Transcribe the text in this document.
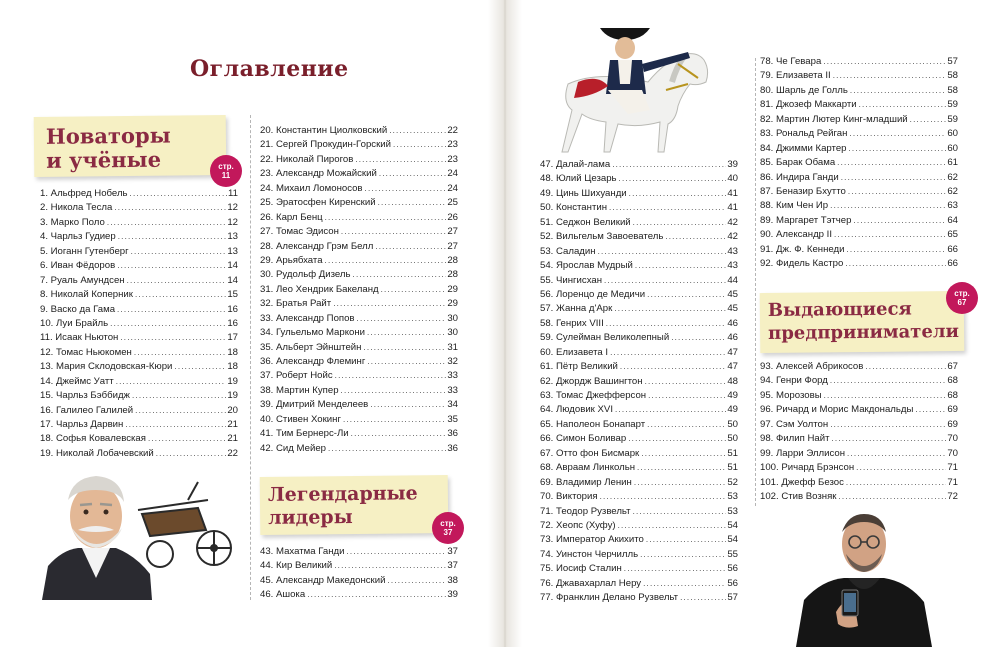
Оглавление
Новаторы
и учёные	стр.
11
Легендарные
лидеры	стр.
37
Выдающиеся
предприниматели
стр.
67
1. Альфред Нобель .....	11
2. Никола Тесла .....	12
3. Марко Поло .....	12
4. Чарльз Гудиер .....	13
5. Иоганн Гутенберг .....	13
6. Иван Фёдоров .....	14
7. Руаль Амундсен .....	14
8. Николай Коперник .....	15
9. Васко да Гама .....	16
10. Луи Брайль .....	16
11. Исаак Ньютон .....	17
12. Томас Ньюкомен .....	18
13. Мария Склодовская-Кюри .....	18
14. Джеймс Уатт .....	19
15. Чарльз Бэббидж .....	19
16. Галилео Галилей .....	20
17. Чарльз Дарвин .....	21
18. Софья Ковалевская .....	21
19. Николай Лобачевский .....	22
20. Константин Циолковский .....	22
21. Сергей Прокудин-Горский .....	23
22. Николай Пирогов .....	23
23. Александр Можайский .....	24
24. Михаил Ломоносов .....	24
25. Эратосфен Киренский .....	25
26. Карл Бенц .....	26
27. Томас Эдисон .....	27
28. Александр Грэм Белл .....	27
29. Арьябхата .....	28
30. Рудольф Дизель .....	28
31. Лео Хендрик Бакеланд .....	29
32. Братья Райт .....	29
33. Александр Попов .....	30
34. Гульельмо Маркони .....	30
35. Альберт Эйнштейн .....	31
36. Александр Флеминг .....	32
37. Роберт Нойс .....	33
38. Мартин Купер .....	33
39. Дмитрий Менделеев .....	34
40. Стивен Хокинг .....	35
41. Тим Бернерс-Ли .....	36
42. Сид Мейер .....	36
43. Махатма Ганди .....	37
44. Кир Великий .....	37
45. Александр Македонский .....	38
46. Ашока .....	39
47. Далай-лама .....	39
48. Юлий Цезарь .....	40
49. Цинь Шихуанди .....	41
50. Константин .....	41
51. Седжон Великий .....	42
52. Вильгельм Завоеватель .....	42
53. Саладин .....	43
54. Ярослав Мудрый .....	43
55. Чингисхан .....	44
56. Лоренцо де Медичи .....	45
57. Жанна д'Арк .....	45
58. Генрих VIII .....	46
59. Сулейман Великолепный .....	46
60. Елизавета I .....	47
61. Пётр Великий .....	47
62. Джордж Вашингтон .....	48
63. Томас Джефферсон .....	49
64. Людовик XVI .....	49
65. Наполеон Бонапарт .....	50
66. Симон Боливар .....	50
67. Отто фон Бисмарк .....	51
68. Авраам Линкольн .....	51
69. Владимир Ленин .....	52
70. Виктория .....	53
71. Теодор Рузвельт .....	53
72. Хеопс (Хуфу) .....	54
73. Император Акихито .....	54
74. Уинстон Черчилль .....	55
75. Иосиф Сталин .....	56
76. Джавахарлал Неру .....	56
77. Франклин Делано Рузвельт .....	57
78. Че Гевара .....	57
79. Елизавета II .....	58
80. Шарль де Голль .....	58
81. Джозеф Маккарти .....	59
82. Мартин Лютер Кинг-младший .....	59
83. Рональд Рейган .....	60
84. Джимми Картер .....	60
85. Барак Обама .....	61
86. Индира Ганди .....	62
87. Беназир Бхутто .....	62
88. Ким Чен Ир .....	63
89. Маргарет Тэтчер .....	64
90. Александр II .....	65
91. Дж. Ф. Кеннеди .....	66
92. Фидель Кастро .....	66
93. Алексей Абрикосов .....	67
94. Генри Форд .....	68
95. Морозовы .....	68
96. Ричард и Морис Макдональды .....	69
97. Сэм Уолтон .....	69
98. Филип Найт .....	70
99. Ларри Эллисон .....	70
100. Ричард Брэнсон .....	71
101. Джефф Безос .....	71
102. Стив Возняк .....	72
